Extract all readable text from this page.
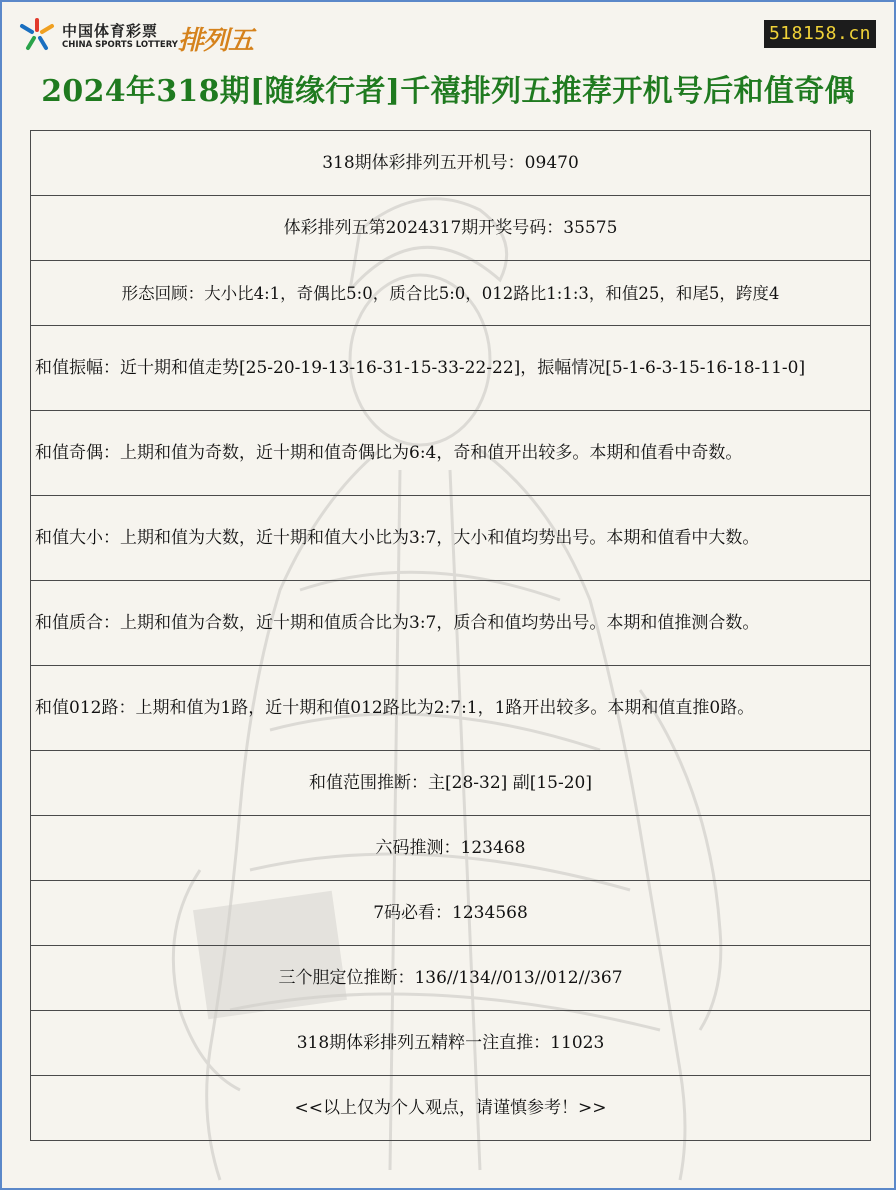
中国体育彩票
CHINA SPORTS LOTTERY 排列五	518158.cn
2024年318期[随缘行者]千禧排列五推荐开机号后和值奇偶
318期体彩排列五开机号：09470
体彩排列五第2024317期开奖号码：35575
形态回顾：大小比4:1，奇偶比5:0，质合比5:0，012路比1:1:3，和值25，和尾5，跨度4
和值振幅：近十期和值走势[25-20-19-13-16-31-15-33-22-22]，振幅情况[5-1-6-3-15-16-18-11-0]
和值奇偶：上期和值为奇数，近十期和值奇偶比为6:4，奇和值开出较多。本期和值看中奇数。
和值大小：上期和值为大数，近十期和值大小比为3:7，大小和值均势出号。本期和值看中大数。
和值质合：上期和值为合数，近十期和值质合比为3:7，质合和值均势出号。本期和值推测合数。
和值012路：上期和值为1路，近十期和值012路比为2:7:1，1路开出较多。本期和值直推0路。
和值范围推断：主[28-32] 副[15-20]
六码推测：123468
7码必看：1234568
三个胆定位推断：136//134//013//012//367
318期体彩排列五精粹一注直推：11023
<<以上仅为个人观点，请谨慎参考！>>
